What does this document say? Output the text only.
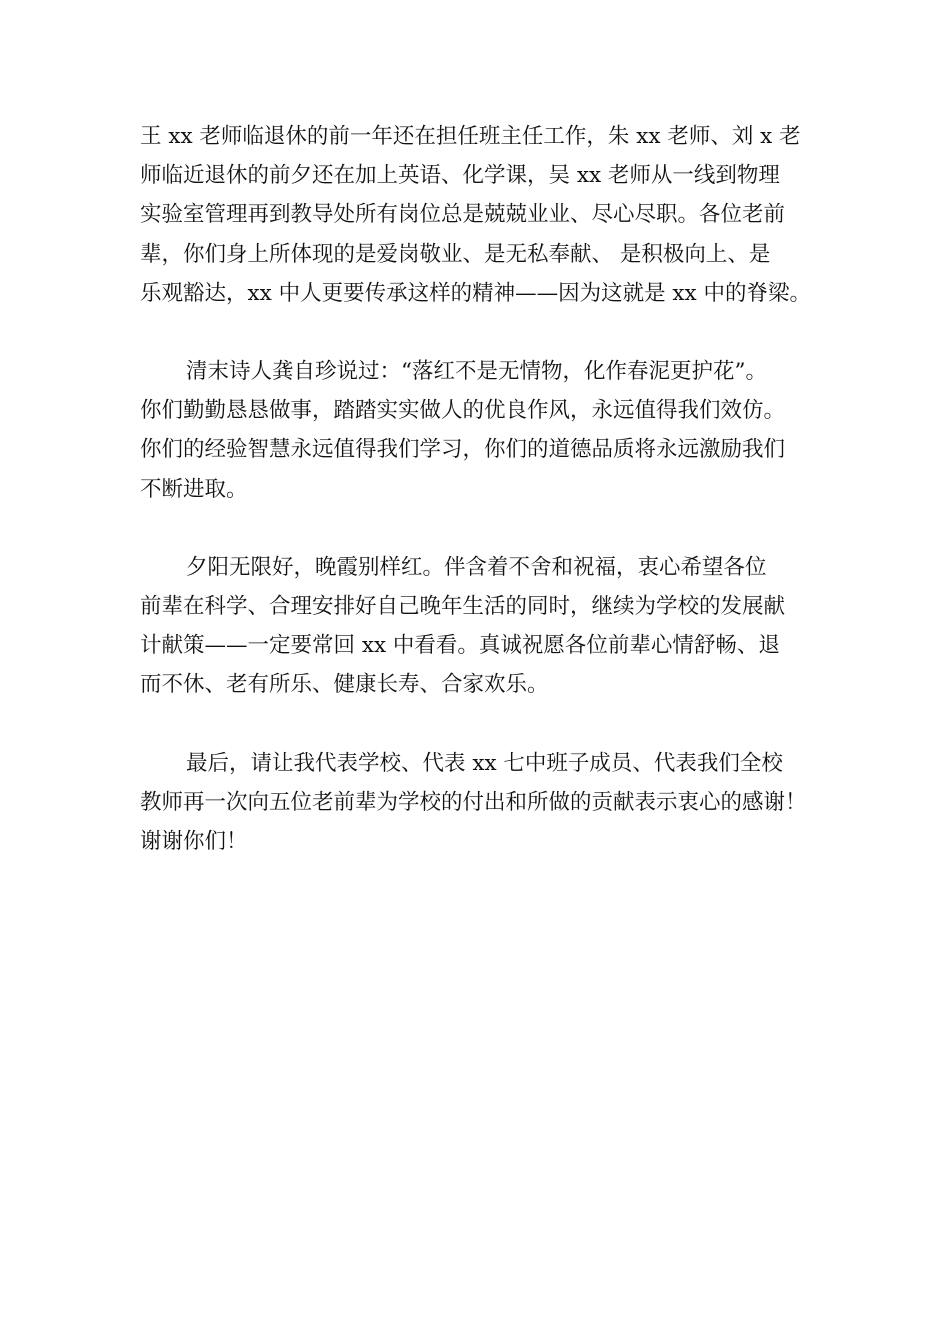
王 xx 老师临退休的前一年还在担任班主任工作，朱 xx 老师、刘 x 老
师临近退休的前夕还在加上英语、化学课，吴 xx 老师从一线到物理
实验室管理再到教导处所有岗位总是兢兢业业、尽心尽职。各位老前
辈，你们身上所体现的是爱岗敬业、是无私奉献、 是积极向上、是
乐观豁达，xx 中人更要传承这样的精神——因为这就是 xx 中的脊梁。

清末诗人龚自珍说过：“落红不是无情物，化作春泥更护花”。
你们勤勤恳恳做事，踏踏实实做人的优良作风，永远值得我们效仿。
你们的经验智慧永远值得我们学习，你们的道德品质将永远激励我们
不断进取。

夕阳无限好，晚霞别样红。伴含着不舍和祝福，衷心希望各位
前辈在科学、合理安排好自己晚年生活的同时，继续为学校的发展献
计献策——一定要常回 xx 中看看。真诚祝愿各位前辈心情舒畅、退
而不休、老有所乐、健康长寿、合家欢乐。

最后，请让我代表学校、代表 xx 七中班子成员、代表我们全校
教师再一次向五位老前辈为学校的付出和所做的贡献表示衷心的感谢！
谢谢你们！
